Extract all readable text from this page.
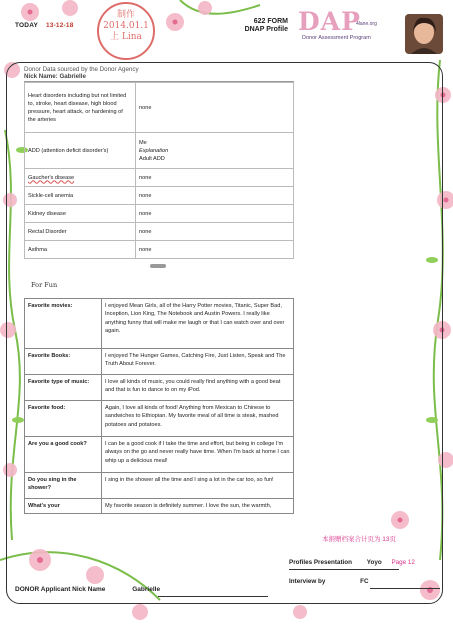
TODAY 13-12-18
制作
2014.01.1
上 Lina
622 FORM
DNAP Profile DAP
4lane.org
Donor Assessment Program
Donor Data sourced by the Donor Agency
Nick Name: Gabrielle
Heart disorders including but not limited to, stroke, heart disease, high blood pressure, heart attack, or hardening of the arteries	none
ADD (attention deficit disorder's)	Me
Explanation
Adult ADD

Gaucher's disease	none
Sickle-cell anemia	none
Kidney disease	none
Rectal Disorder	none
Asthma	none
For Fun
Favorite movies:	I enjoyed Mean Girls, all of the Harry Potter movies, Titanic, Super Bad, Inception, Lion King, The Notebook and Austin Powers. I really like anything funny that will make me laugh or that I can watch over and over again.
Favorite Books:	I enjoyed The Hunger Games, Catching Fire, Just Listen, Speak and The Truth About Forever.
Favorite type of music:	I love all kinds of music, you could really find anything with a good beat and that is fun to dance to on my iPod.
Favorite food:	Again, I love all kinds of food! Anything from Mexican to Chinese to sandwiches to Ethiopian. My favorite meal of all time is steak, mashed potatoes and potatoes.
Are you a good cook?	I can be a good cook if I take the time and effort, but being in college I'm always on the go and never really have time. When I'm back at home I can whip up a delicious meal!
Do you sing in the shower?	I sing in the shower all the time and I sing a lot in the car too, so fun!
What's your	My favorite season is definitely summer. I love the sun, the warmth,
本捐赠档案合计页为 13页
Profiles Presentation Yoyo Page 12
Interview by	FC
DONOR Applicant Nick Name	Gabrielle
